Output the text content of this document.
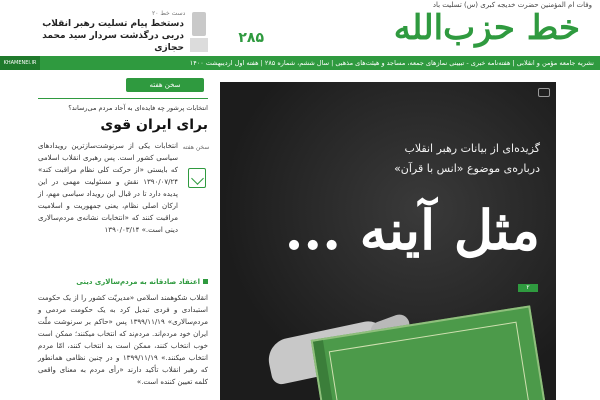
وفات ام المؤمنین حضرت خدیجه کبری (س) تسلیت باد
خط حزب‌الله
۲۸۵
دست خط ۲۰
دستخط پیام تسلیت رهبر انقلاب
دربی درگذشت سردار سید محمد حجازی
نشریه جامعه مؤمن و انقلابی | هفته‌نامه خبری - تبیینی نمازهای جمعه، مساجد و هیئت‌های مذهبی | سال ششم، شماره ۲۸۵ | هفته اول اردیبهشت ۱۴۰۰
KHAMENEI.IR
سخن هفته
انتخابات پرشور چه فایده‌ای به آحاد مردم می‌رساند؟
برای ایران قوی
سخن هفته
انتخابات یکی از سرنوشت‌سازترین رویدادهای سیاسی کشور است. پس رهبری انقلاب اسلامی که بایستی «از حرکت کلی نظام مراقبت کند» ۱۳۹۰/۰۷/۲۴ نقش و مسئولیت مهمی در این پدیده دارد تا در قبال این رویداد سیاسی مهم، از ارکان اصلی نظام، یعنی جمهوریت و اسلامیت مراقبت کنند که «انتخابات نشانه‌ی مردم‌سالاری دینی است.» ۱۳۹۰/۰۳/۱۴
اعتقاد صادقانه به مردم‌سالاری دینی
انقلاب شکوهمند اسلامی «مدیریّت کشور را از یک حکومت استبدادی و فردی تبدیل کرد به یک حکومت مردمی و مردم‌سالاری» ۱۳۹۹/۱۱/۱۹ پس «حاکم بر سرنوشت ملّت ایران خود مردم‌اند. مردم‌ند که انتخاب میکنند؛ ممکن است خوب انتخاب کنند، ممکن است بد انتخاب کنند، امّا مردم انتخاب میکنند.» ۱۳۹۹/۱۱/۱۹ و در چنین نظامی همانطور که رهبر انقلاب تأکید دارند «رأی مردم به معنای واقعی کلمه تعیین کننده است.»
گزیده‌ای از بیانات رهبر انقلاب
درباره‌ی موضوع «انس با قرآن»
مثل آینه ...
۲
